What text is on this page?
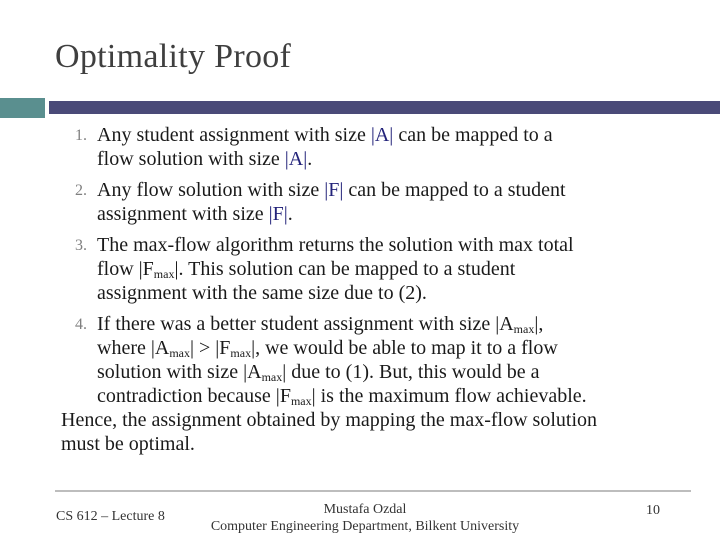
Optimality Proof
1. Any student assignment with size |A| can be mapped to a
flow solution with size |A|.
2. Any flow solution with size |F| can be mapped to a student
assignment with size |F|.
3. The max-flow algorithm returns the solution with max total
flow $|F_{max}|$. This solution can be mapped to a student
assignment with the same size due to (2).
4. If there was a better student assignment with size $|A_{max}|$,
where $|A_{max}| > |F_{max}|$, we would be able to map it to a flow
solution with size $|A_{max}|$ due to (1). But, this would be a
contradiction because $|F_{max}|$ is the maximum flow achievable.
Hence, the assignment obtained by mapping the max-flow solution
must be optimal.
CS 612 – Lecture 8	Mustafa Ozdal
Computer Engineering Department, Bilkent University
10
